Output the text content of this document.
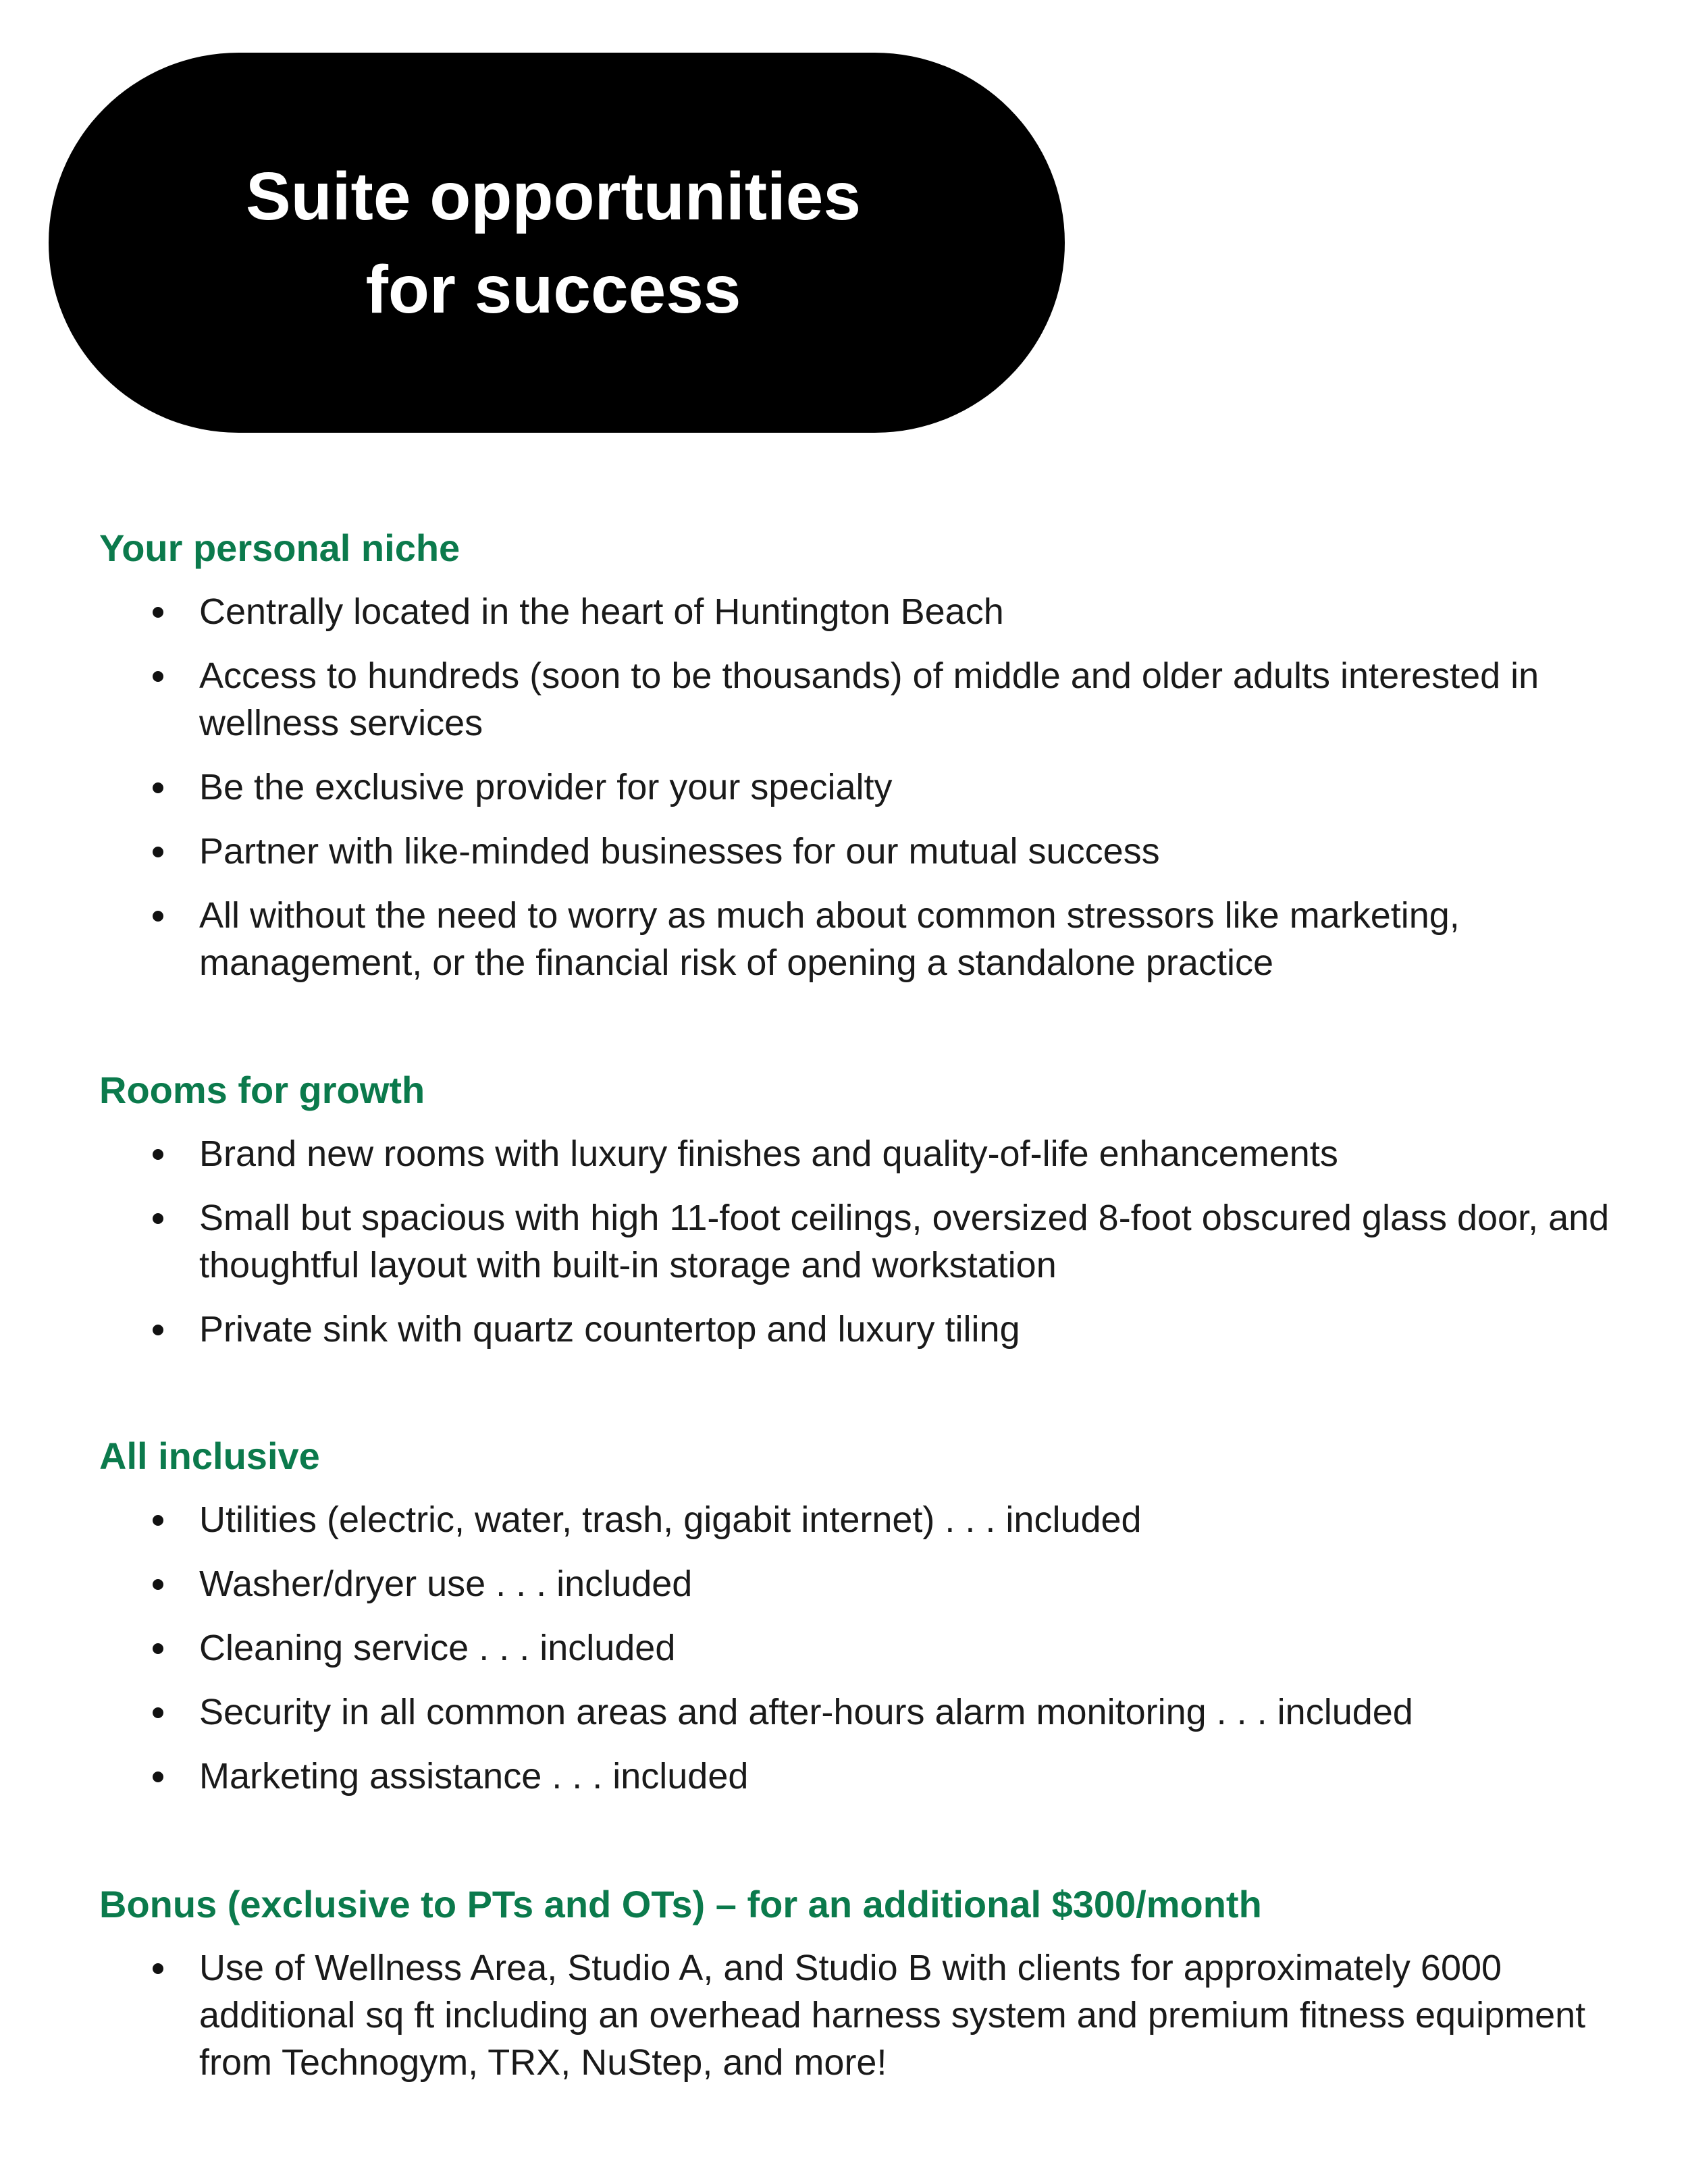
Suite opportunities
for success
Your personal niche
Centrally located in the heart of Huntington Beach
Access to hundreds (soon to be thousands) of middle and older adults interested in wellness services
Be the exclusive provider for your specialty
Partner with like-minded businesses for our mutual success
All without the need to worry as much about common stressors like marketing, management, or the financial risk of opening a standalone practice
Rooms for growth
Brand new rooms with luxury finishes and quality-of-life enhancements
Small but spacious with high 11-foot ceilings, oversized 8-foot obscured glass door, and thoughtful layout with built-in storage and workstation
Private sink with quartz countertop and luxury tiling
All inclusive
Utilities (electric, water, trash, gigabit internet) . . . included
Washer/dryer use . . . included
Cleaning service . . . included
Security in all common areas and after-hours alarm monitoring . . . included
Marketing assistance . . . included
Bonus (exclusive to PTs and OTs) – for an additional $300/month
Use of Wellness Area, Studio A, and Studio B with clients for approximately 6000 additional sq ft including an overhead harness system and premium fitness equipment from Technogym, TRX, NuStep, and more!
